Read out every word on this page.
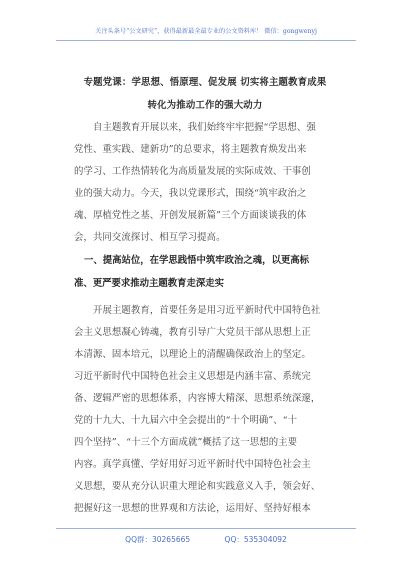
关注头条号“公文研究”，获得最新最全最专业的公文资料库！ 微信：gongwenyj
专题党课：学思想、悟原理、促发展 切实将主题教育成果
转化为推动工作的强大动力
自主题教育开展以来，我们始终牢牢把握“学思想、强
党性、重实践、建新功”的总要求，将主题教育焕发出来
的学习、工作热情转化为高质量发展的实际成效、干事创
业的强大动力。今天，我以党课形式，围绕“筑牢政治之
魂、厚植党性之基、开创发展新篇”三个方面谈谈我的体
会，共同交流探讨、相互学习提高。
一、提高站位，在学思践悟中筑牢政治之魂，以更高标
准、更严要求推动主题教育走深走实
开展主题教育，首要任务是用习近平新时代中国特色社
会主义思想凝心铸魂，教育引导广大党员干部从思想上正
本清源、固本培元，以理论上的清醒确保政治上的坚定。
习近平新时代中国特色社会主义思想是内涵丰富、系统完
备、逻辑严密的思想体系，内容博大精深、思想系统深邃，
党的十九大、十九届六中全会提出的“十个明确”、“十
四个坚持”、“十三个方面成就”概括了这一思想的主要
内容。真学真懂、学好用好习近平新时代中国特色社会主
义思想，要从充分认识重大理论和实践意义入手，领会好、
把握好这一思想的世界观和方法论，运用好、坚持好根本
QQ群：30265665	QQ：535304092
